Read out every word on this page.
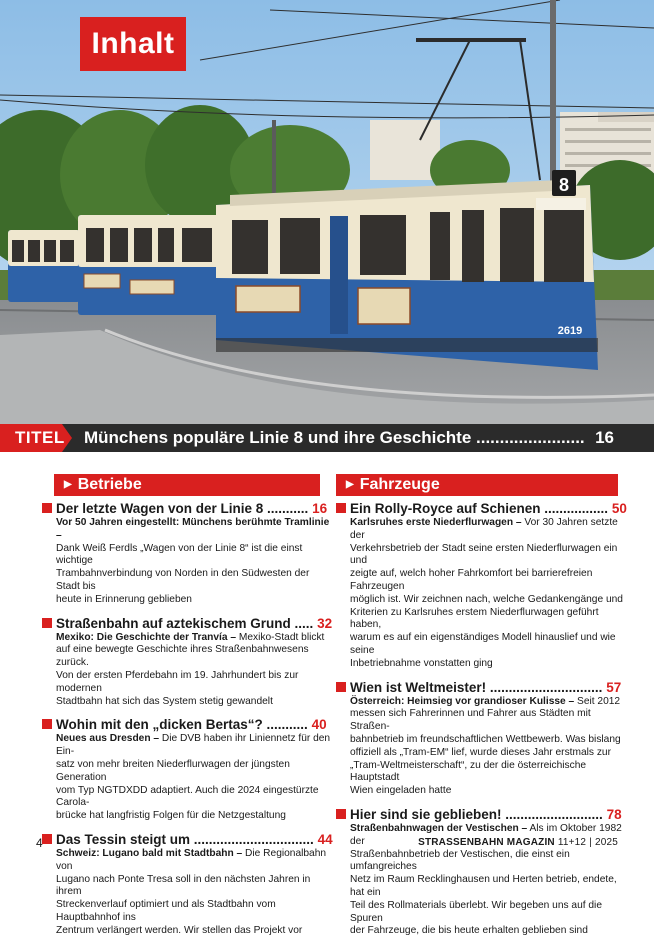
8
2619
Inhalt
TITEL Münchens populäre Linie 8 und ihre Geschichte ....................... 16
▶ Betriebe	▶ Fahrzeuge
Der letzte Wagen von der Linie 8 ........... 16
Vor 50 Jahren eingestellt: Münchens berühmte Tramlinie –
Dank Weiß Ferdls „Wagen von der Linie 8“ ist die einst wichtige
Trambahnverbindung von Norden in den Südwesten der Stadt bis
heute in Erinnerung geblieben
Straßenbahn auf aztekischem Grund ..... 32
Mexiko: Die Geschichte der Tranvía – Mexiko-Stadt blickt
auf eine bewegte Geschichte ihres Straßenbahnwesens zurück.
Von der ersten Pferdebahn im 19. Jahrhundert bis zur modernen
Stadtbahn hat sich das System stetig gewandelt
Wohin mit den „dicken Bertas“? ........... 40
Neues aus Dresden – Die DVB haben ihr Liniennetz für den Ein-
satz von mehr breiten Niederflurwagen der jüngsten Generation
vom Typ NGTDXDD adaptiert. Auch die 2024 eingestürzte Carola-
brücke hat langfristig Folgen für die Netzgestaltung
Das Tessin steigt um ................................ 44
Schweiz: Lugano bald mit Stadtbahn – Die Regionalbahn von
Lugano nach Ponte Tresa soll in den nächsten Jahren in ihrem
Streckenverlauf optimiert und als Stadtbahn vom Hauptbahnhof ins
Zentrum verlängert werden. Wir stellen das Projekt vor
Ein Rolly-Royce auf Schienen ................. 50
Karlsruhes erste Niederflurwagen – Vor 30 Jahren setzte der
Verkehrsbetrieb der Stadt seine ersten Niederflurwagen ein und
zeigte auf, welch hoher Fahrkomfort bei barrierefreien Fahrzeugen
möglich ist. Wir zeichnen nach, welche Gedankengänge und
Kriterien zu Karlsruhes erstem Niederflurwagen geführt haben,
warum es auf ein eigenständiges Modell hinauslief und wie seine
Inbetriebnahme vonstatten ging
Wien ist Weltmeister! .............................. 57
Österreich: Heimsieg vor grandioser Kulisse – Seit 2012
messen sich Fahrerinnen und Fahrer aus Städten mit Straßen-
bahnbetrieb im freundschaftlichen Wettbewerb. Was bislang
offiziell als „Tram-EM“ lief, wurde dieses Jahr erstmals zur
„Tram-Weltmeisterschaft“, zu der die österreichische Hauptstadt
Wien eingeladen hatte
Hier sind sie geblieben! .......................... 78
Straßenbahnwagen der Vestischen – Als im Oktober 1982 der
Straßenbahnbetrieb der Vestischen, die einst ein umfangreiches
Netz im Raum Recklinghausen und Herten betrieb, endete, hat ein
Teil des Rollmaterials überlebt. Wir begeben uns auf die Spuren
der Fahrzeuge, die bis heute erhalten geblieben sind
4	STRASSENBAHN MAGAZIN 11+12 | 2025
